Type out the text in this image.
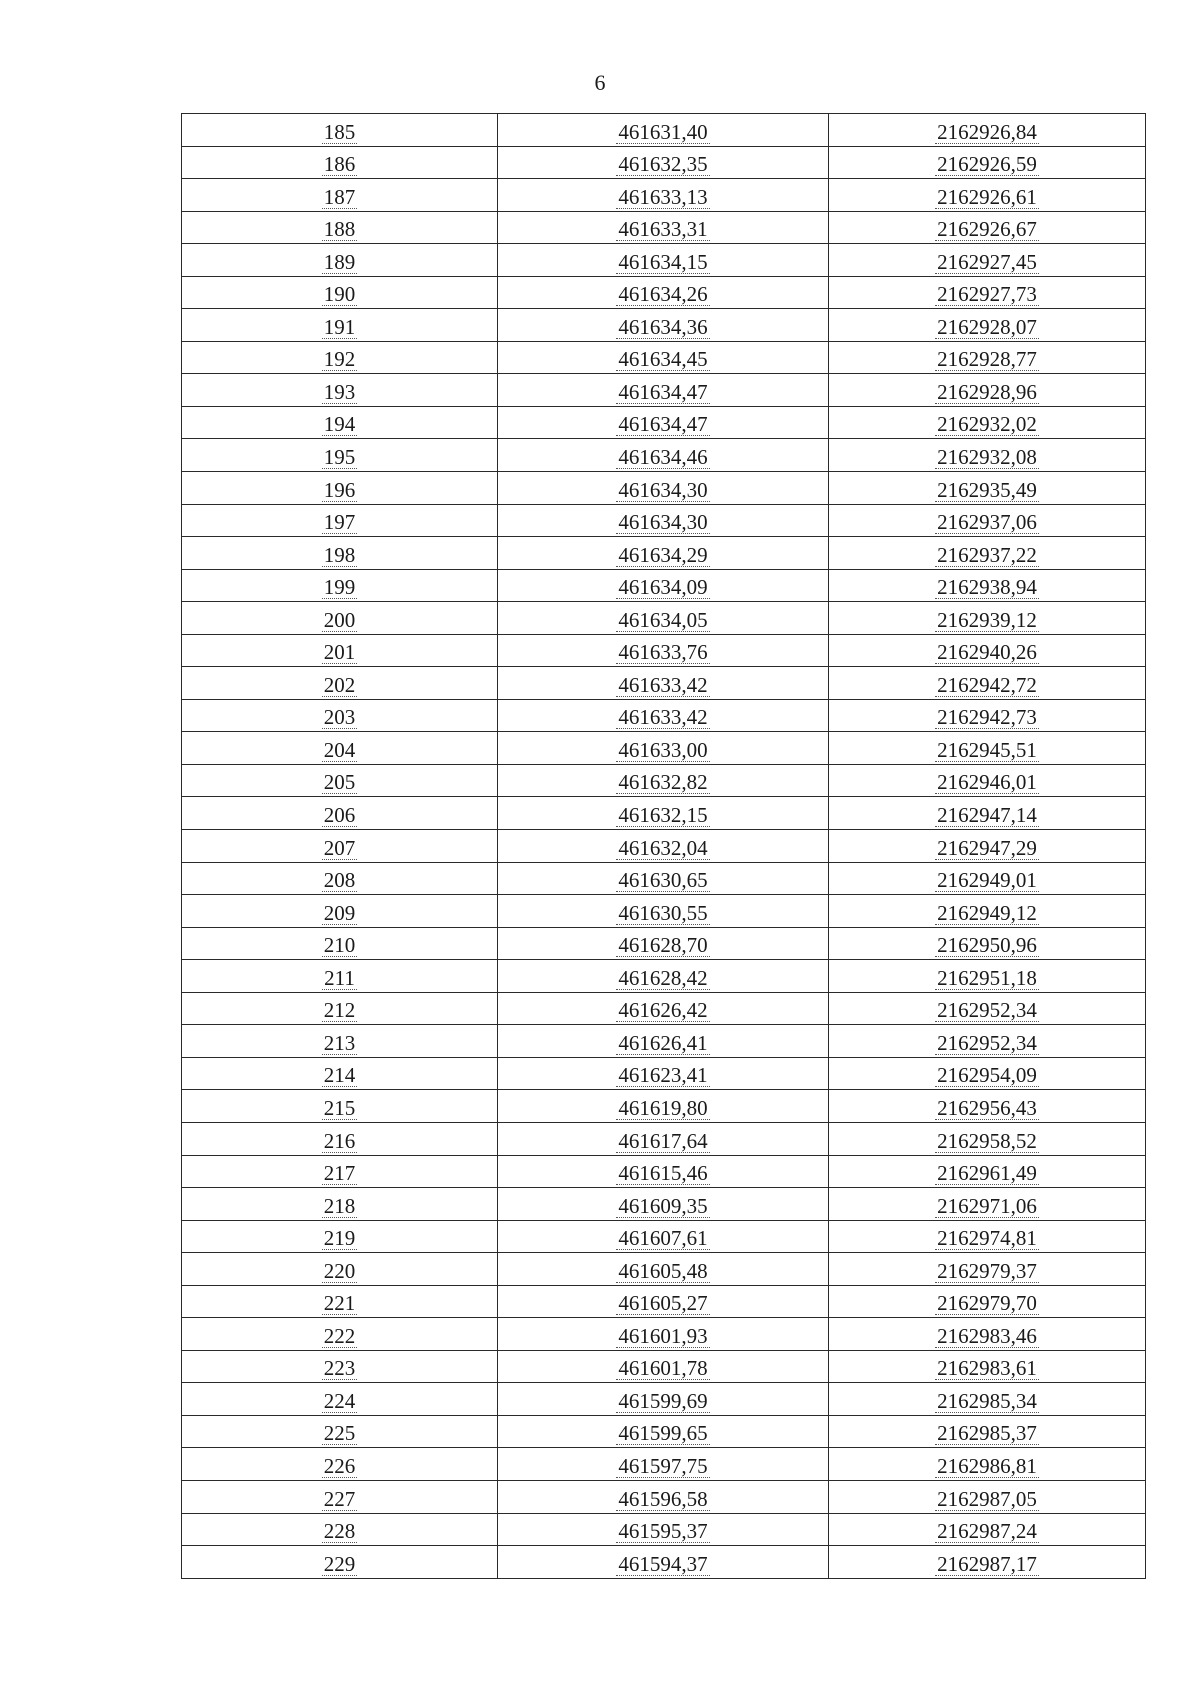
6
185	461631,40	2162926,84
186	461632,35	2162926,59
187	461633,13	2162926,61
188	461633,31	2162926,67
189	461634,15	2162927,45
190	461634,26	2162927,73
191	461634,36	2162928,07
192	461634,45	2162928,77
193	461634,47	2162928,96
194	461634,47	2162932,02
195	461634,46	2162932,08
196	461634,30	2162935,49
197	461634,30	2162937,06
198	461634,29	2162937,22
199	461634,09	2162938,94
200	461634,05	2162939,12
201	461633,76	2162940,26
202	461633,42	2162942,72
203	461633,42	2162942,73
204	461633,00	2162945,51
205	461632,82	2162946,01
206	461632,15	2162947,14
207	461632,04	2162947,29
208	461630,65	2162949,01
209	461630,55	2162949,12
210	461628,70	2162950,96
211	461628,42	2162951,18
212	461626,42	2162952,34
213	461626,41	2162952,34
214	461623,41	2162954,09
215	461619,80	2162956,43
216	461617,64	2162958,52
217	461615,46	2162961,49
218	461609,35	2162971,06
219	461607,61	2162974,81
220	461605,48	2162979,37
221	461605,27	2162979,70
222	461601,93	2162983,46
223	461601,78	2162983,61
224	461599,69	2162985,34
225	461599,65	2162985,37
226	461597,75	2162986,81
227	461596,58	2162987,05
228	461595,37	2162987,24
229	461594,37	2162987,17
